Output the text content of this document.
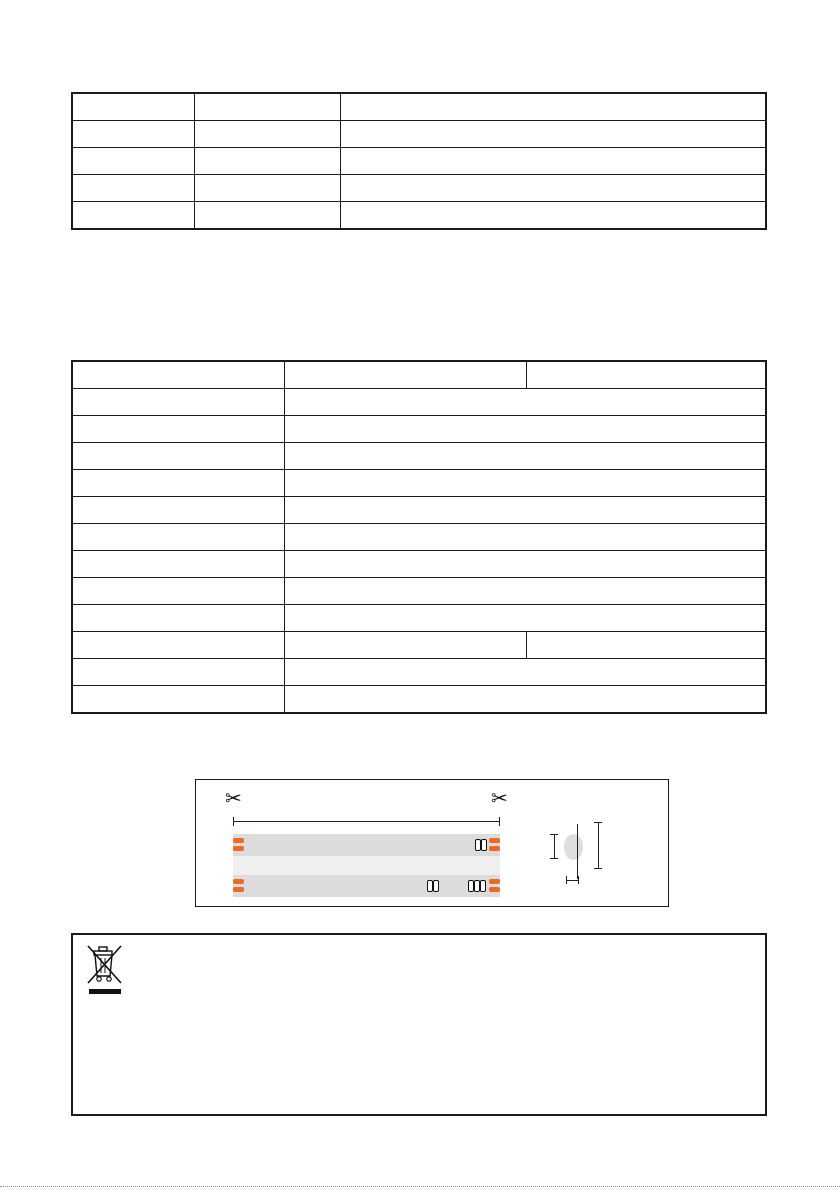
✂	✂
